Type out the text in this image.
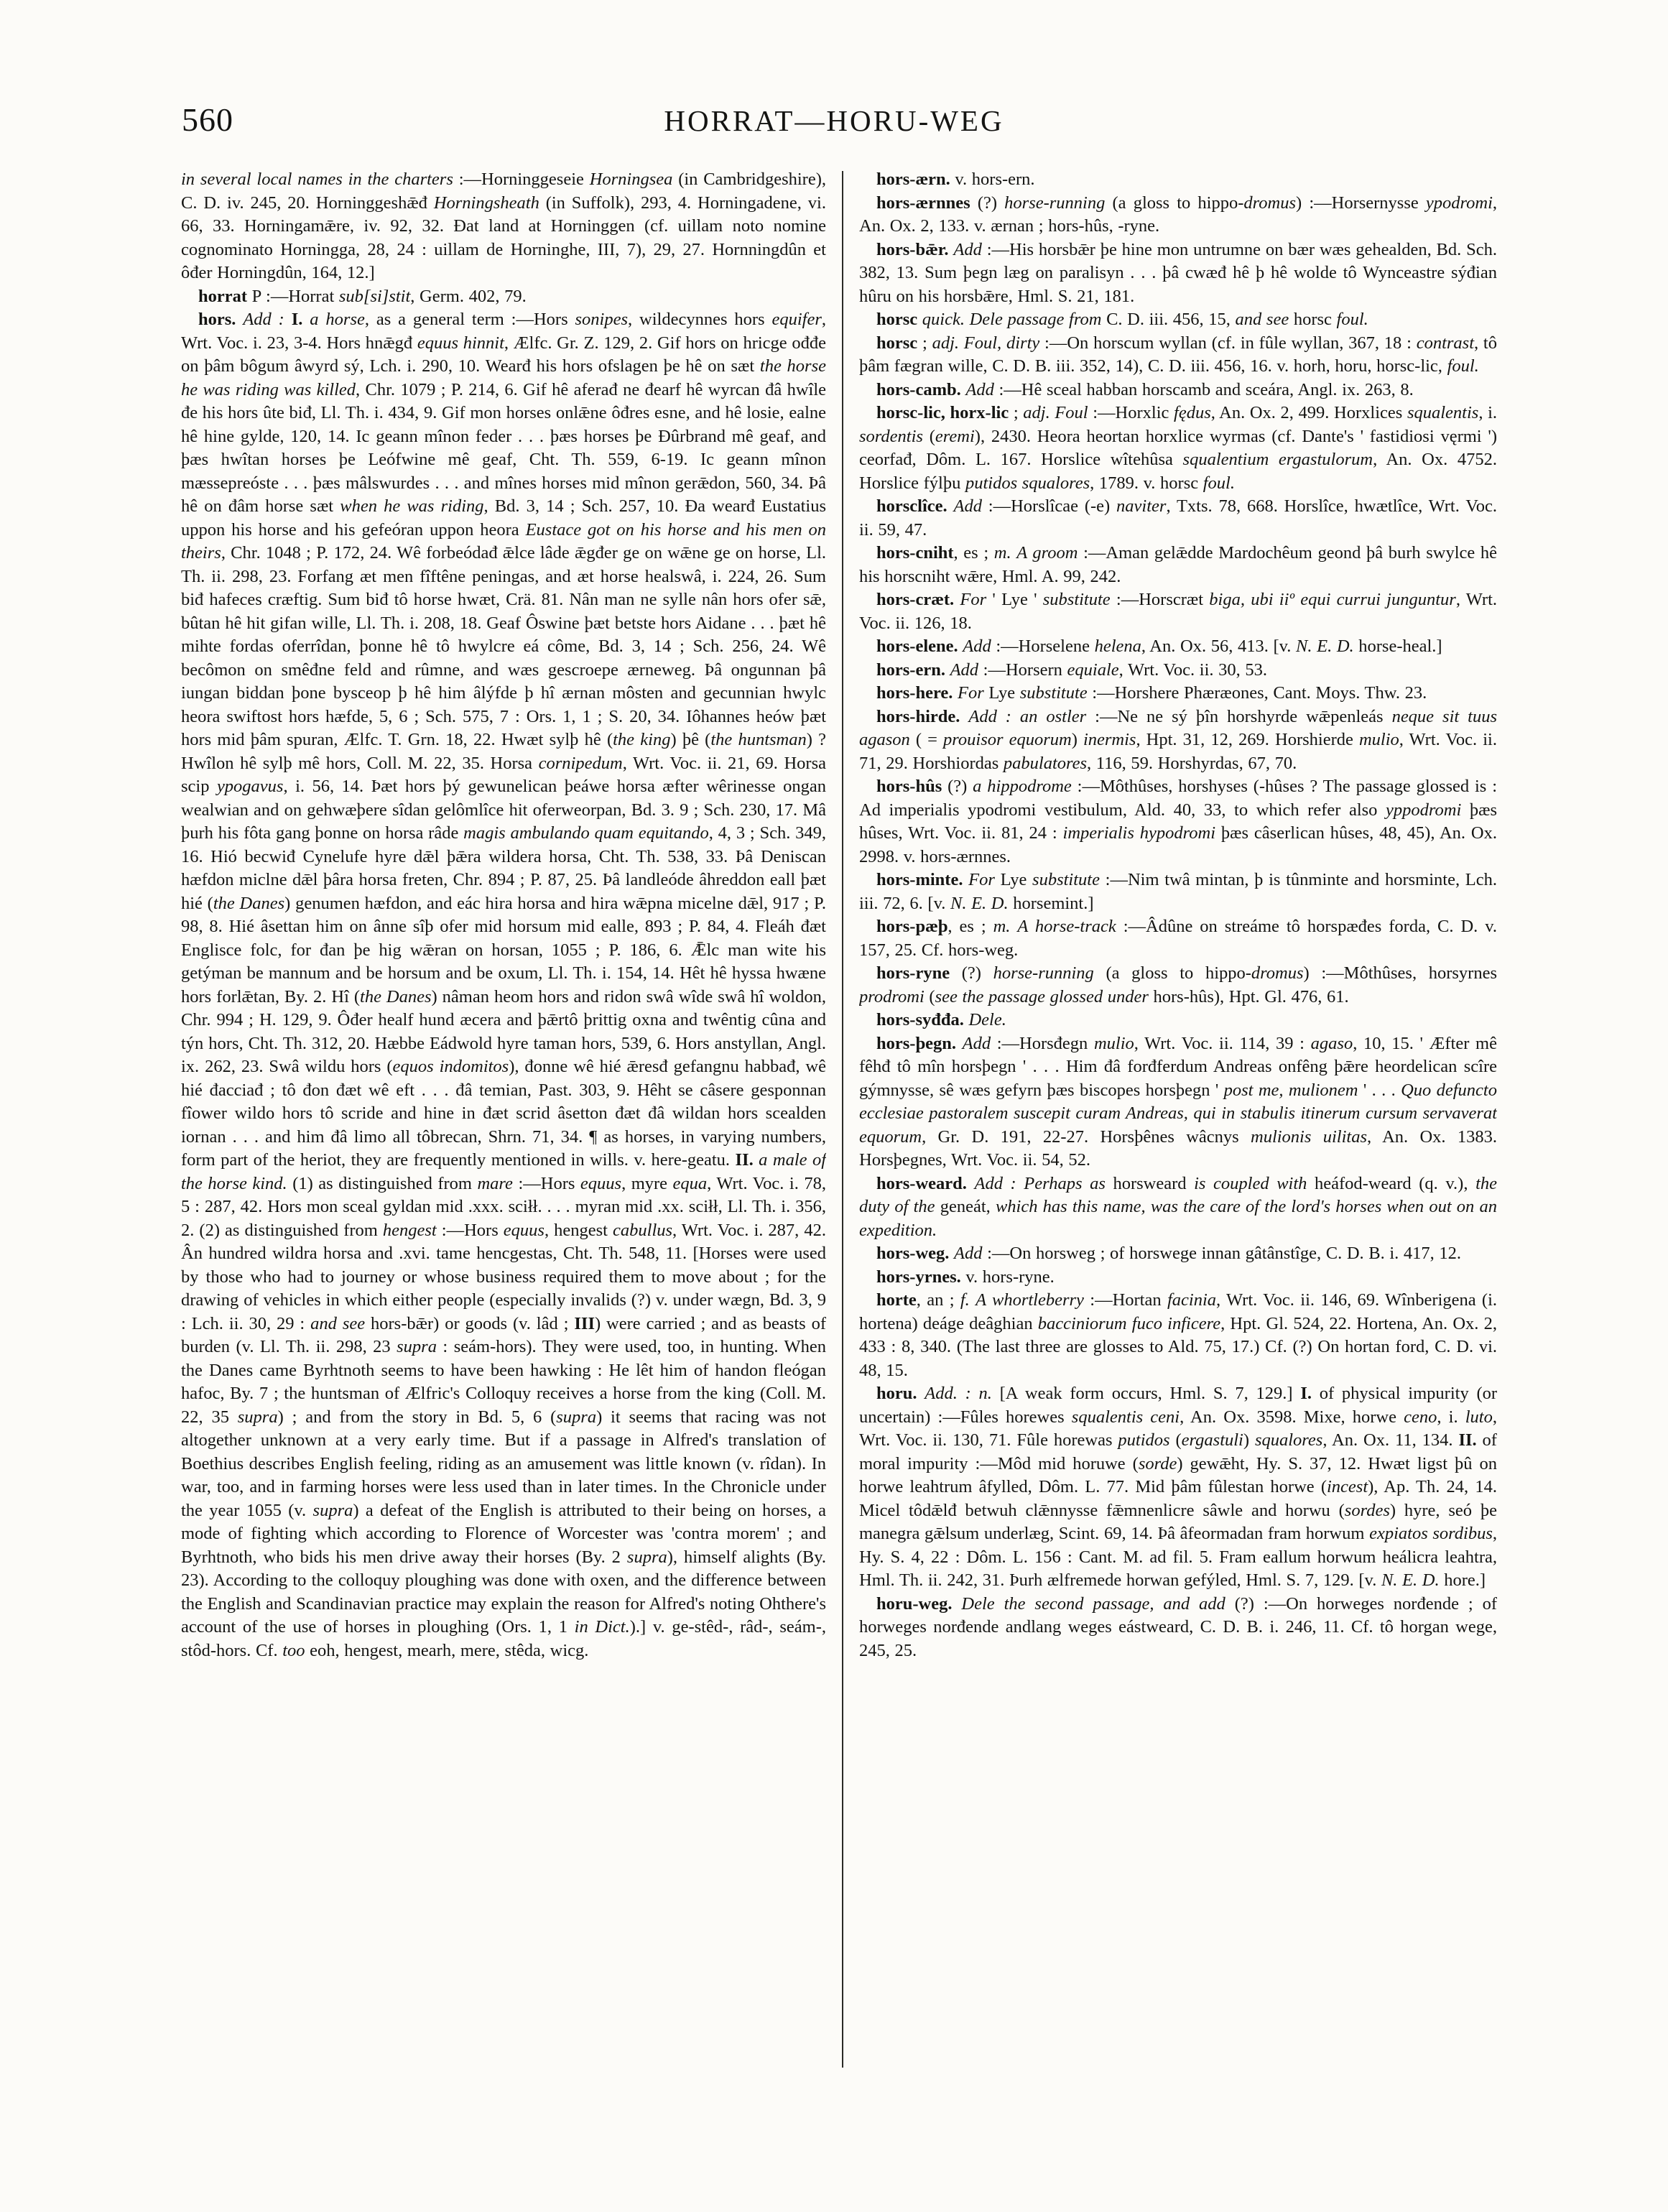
560	HORRAT—HORU-WEG

in several local names in the charters :—Horninggeseie Horningsea (in Cambridgeshire), C. D. iv. 245, 20. Horninggeshǣđ Horningsheath (in Suffolk), 293, 4. Horningadene, vi. 66, 33. Horningamǣre, iv. 92, 32. Đat land at Horninggen (cf. uillam noto nomine cognominato Horningga, 28, 24 : uillam de Horninghe, III, 7), 29, 27. Hornningdûn et ôđer Horningdûn, 164, 12.]

horrat P :—Horrat sub[si]stit, Germ. 402, 79.

hors. Add : I. a horse, as a general term :—Hors sonipes, wildecynnes hors equifer, Wrt. Voc. i. 23, 3-4. Hors hnǣgđ equus hinnit, Ælfc. Gr. Z. 129, 2. Gif hors on hricge ođđe on þâm bôgum âwyrd sý, Lch. i. 290, 10. Wearđ his hors ofslagen þe hê on sæt the horse he was riding was killed, Chr. 1079 ; P. 214, 6. Gif hê aferađ ne đearf hê wyrcan đâ hwîle đe his hors ûte biđ, Ll. Th. i. 434, 9. Gif mon horses onlǣne ôđres esne, and hê losie, ealne hê hine gylde, 120, 14. Ic geann mînon feder . . . þæs horses þe Đûrbrand mê geaf, and þæs hwîtan horses þe Leófwine mê geaf, Cht. Th. 559, 6-19. Ic geann mînon mæssepreóste . . . þæs mâlswurdes . . . and mînes horses mid mînon gerǣdon, 560, 34. Þâ hê on đâm horse sæt when he was riding, Bd. 3, 14 ; Sch. 257, 10. Đa wearđ Eustatius uppon his horse and his gefeóran uppon heora Eustace got on his horse and his men on theirs, Chr. 1048 ; P. 172, 24. Wê forbeódađ ǣlce lâde ǣgđer ge on wǣne ge on horse, Ll. Th. ii. 298, 23. Forfang æt men fîftêne peningas, and æt horse healswâ, i. 224, 26. Sum biđ hafeces cræftig. Sum biđ tô horse hwæt, Crä. 81. Nân man ne sylle nân hors ofer sǣ, bûtan hê hit gifan wille, Ll. Th. i. 208, 18. Geaf Ôswine þæt betste hors Aidane . . . þæt hê mihte fordas oferrîdan, þonne hê tô hwylcre eá côme, Bd. 3, 14 ; Sch. 256, 24. Wê becômon on smêđne feld and rûmne, and wæs gescroepe ærneweg. Þâ ongunnan þâ iungan biddan þone bysceop þ hê him âlýfde þ hî ærnan môsten and gecunnian hwylc heora swiftost hors hæfde, 5, 6 ; Sch. 575, 7 : Ors. 1, 1 ; S. 20, 34. Iôhannes heów þæt hors mid þâm spuran, Ælfc. T. Grn. 18, 22. Hwæt sylþ hê (the king) þê (the huntsman) ? Hwîlon hê sylþ mê hors, Coll. M. 22, 35. Horsa cornipedum, Wrt. Voc. ii. 21, 69. Horsa scip ypogavus, i. 56, 14. Þæt hors þý gewunelican þeáwe horsa æfter wêrinesse ongan wealwian and on gehwæþere sîdan gelômlîce hit oferweorpan, Bd. 3. 9 ; Sch. 230, 17. Mâ þurh his fôta gang þonne on horsa râde magis ambulando quam equitando, 4, 3 ; Sch. 349, 16. Hió becwiđ Cynelufe hyre dǣl þǣra wildera horsa, Cht. Th. 538, 33. Þâ Deniscan hæfdon miclne dǣl þâra horsa freten, Chr. 894 ; P. 87, 25. Þâ landleóde âhreddon eall þæt hié (the Danes) genumen hæfdon, and eác hira horsa and hira wǣpna micelne dǣl, 917 ; P. 98, 8. Hié âsettan him on ânne sîþ ofer mid horsum mid ealle, 893 ; P. 84, 4. Fleáh đæt Englisce folc, for đan þe hig wǣran on horsan, 1055 ; P. 186, 6. Ǣlc man wite his getýman be mannum and be horsum and be oxum, Ll. Th. i. 154, 14. Hêt hê hyssa hwæne hors forlǣtan, By. 2. Hî (the Danes) nâman heom hors and ridon swâ wîde swâ hî woldon, Chr. 994 ; H. 129, 9. Ôđer healf hund æcera and þǣrtô þrittig oxna and twêntig cûna and týn hors, Cht. Th. 312, 20. Hæbbe Eádwold hyre taman hors, 539, 6. Hors anstyllan, Angl. ix. 262, 23. Swâ wildu hors (equos indomitos), đonne wê hié ǣresđ gefangnu habbađ, wê hié đacciađ ; tô đon đæt wê eft . . . đâ temian, Past. 303, 9. Hêht se câsere gesponnan fîower wildo hors tô scride and hine in đæt scrid âsetton đæt đâ wildan hors scealden iornan . . . and him đâ limo all tôbrecan, Shrn. 71, 34. ¶ as horses, in varying numbers, form part of the heriot, they are frequently mentioned in wills. v. here-geatu. II. a male of the horse kind. (1) as distinguished from mare :—Hors equus, myre equa, Wrt. Voc. i. 78, 5 : 287, 42. Hors mon sceal gyldan mid .xxx. sciłł. . . . myran mid .xx. sciłł, Ll. Th. i. 356, 2. (2) as distinguished from hengest :—Hors equus, hengest cabullus, Wrt. Voc. i. 287, 42. Ân hundred wildra horsa and .xvi. tame hencgestas, Cht. Th. 548, 11. [Horses were used by those who had to journey or whose business required them to move about ; for the drawing of vehicles in which either people (especially invalids (?) v. under wægn, Bd. 3, 9 : Lch. ii. 30, 29 : and see hors-bǣr) or goods (v. lâd ; III) were carried ; and as beasts of burden (v. Ll. Th. ii. 298, 23 supra : seám-hors). They were used, too, in hunting. When the Danes came Byrhtnoth seems to have been hawking : He lêt him of handon fleógan hafoc, By. 7 ; the huntsman of Ælfric's Colloquy receives a horse from the king (Coll. M. 22, 35 supra) ; and from the story in Bd. 5, 6 (supra) it seems that racing was not altogether unknown at a very early time. But if a passage in Alfred's translation of Boethius describes English feeling, riding as an amusement was little known (v. rîdan). In war, too, and in farming horses were less used than in later times. In the Chronicle under the year 1055 (v. supra) a defeat of the English is attributed to their being on horses, a mode of fighting which according to Florence of Worcester was 'contra morem' ; and Byrhtnoth, who bids his men drive away their horses (By. 2 supra), himself alights (By. 23). According to the colloquy ploughing was done with oxen, and the difference between the English and Scandinavian practice may explain the reason for Alfred's noting Ohthere's account of the use of horses in ploughing (Ors. 1, 1 in Dict.).] v. ge-stêd-, râd-, seám-, stôd-hors. Cf. too eoh, hengest, mearh, mere, stêda, wicg.

hors-ærn. v. hors-ern.

hors-ærnnes (?) horse-running (a gloss to hippo-dromus) :—Horsernysse ypodromi, An. Ox. 2, 133. v. ærnan ; hors-hûs, -ryne.

hors-bǣr. Add :—His horsbǣr þe hine mon untrumne on bær wæs gehealden, Bd. Sch. 382, 13. Sum þegn læg on paralisyn . . . þâ cwæđ hê þ hê wolde tô Wynceastre sýđian hûru on his horsbǣre, Hml. S. 21, 181.

horsc quick. Dele passage from C. D. iii. 456, 15, and see horsc foul.

horsc ; adj. Foul, dirty :—On horscum wyllan (cf. in fûle wyllan, 367, 18 : contrast, tô þâm fægran wille, C. D. B. iii. 352, 14), C. D. iii. 456, 16. v. horh, horu, horsc-lic, foul.

hors-camb. Add :—Hê sceal habban horscamb and sceára, Angl. ix. 263, 8.

horsc-lic, horx-lic ; adj. Foul :—Horxlic fędus, An. Ox. 2, 499. Horxlices squalentis, i. sordentis (eremi), 2430. Heora heortan horxlice wyrmas (cf. Dante's ' fastidiosi vęrmi ') ceorfađ, Dôm. L. 167. Horslice wîtehûsa squalentium ergastulorum, An. Ox. 4752. Horslice fýlþu putidos squalores, 1789. v. horsc foul.

horsclîce. Add :—Horslîcae (-e) naviter, Txts. 78, 668. Horslîce, hwætlîce, Wrt. Voc. ii. 59, 47.

hors-cniht, es ; m. A groom :—Aman gelǣdde Mardochêum geond þâ burh swylce hê his horscniht wǣre, Hml. A. 99, 242.

hors-cræt. For ' Lye ' substitute :—Horscræt biga, ubi iiº equi currui junguntur, Wrt. Voc. ii. 126, 18.

hors-elene. Add :—Horselene helena, An. Ox. 56, 413. [v. N. E. D. horse-heal.]

hors-ern. Add :—Horsern equiale, Wrt. Voc. ii. 30, 53.

hors-here. For Lye substitute :—Horshere Phæræones, Cant. Moys. Thw. 23.

hors-hirde. Add : an ostler :—Ne ne sý þîn horshyrde wǣpenleás neque sit tuus agason ( = prouisor equorum) inermis, Hpt. 31, 12, 269. Horshierde mulio, Wrt. Voc. ii. 71, 29. Horshiordas pabulatores, 116, 59. Horshyrdas, 67, 70.

hors-hûs (?) a hippodrome :—Môthûses, horshyses (-hûses ? The passage glossed is : Ad imperialis ypodromi vestibulum, Ald. 40, 33, to which refer also yppodromi þæs hûses, Wrt. Voc. ii. 81, 24 : imperialis hypodromi þæs câserlican hûses, 48, 45), An. Ox. 2998. v. hors-ærnnes.

hors-minte. For Lye substitute :—Nim twâ mintan, þ is tûnminte and horsminte, Lch. iii. 72, 6. [v. N. E. D. horsemint.]

hors-pæþ, es ; m. A horse-track :—Âdûne on streáme tô horspæđes forda, C. D. v. 157, 25. Cf. hors-weg.

hors-ryne (?) horse-running (a gloss to hippo-dromus) :—Môthûses, horsyrnes prodromi (see the passage glossed under hors-hûs), Hpt. Gl. 476, 61.

hors-syđđa. Dele.

hors-þegn. Add :—Horsđegn mulio, Wrt. Voc. ii. 114, 39 : agaso, 10, 15. ' Æfter mê fêhđ tô mîn horsþegn ' . . . Him đâ forđferdum Andreas onfêng þǣre heordelican scîre gýmnysse, sê wæs gefyrn þæs biscopes horsþegn ' post me, mulionem ' . . . Quo defuncto ecclesiae pastoralem suscepit curam Andreas, qui in stabulis itinerum cursum servaverat equorum, Gr. D. 191, 22-27. Horsþênes wâcnys mulionis uilitas, An. Ox. 1383. Horsþegnes, Wrt. Voc. ii. 54, 52.

hors-weard. Add : Perhaps as horsweard is coupled with heáfod-weard (q. v.), the duty of the geneát, which has this name, was the care of the lord's horses when out on an expedition.

hors-weg. Add :—On horsweg ; of horswege innan gâtânstîge, C. D. B. i. 417, 12.

hors-yrnes. v. hors-ryne.

horte, an ; f. A whortleberry :—Hortan facinia, Wrt. Voc. ii. 146, 69. Wînberigena (i. hortena) deáge deâghian bacciniorum fuco inficere, Hpt. Gl. 524, 22. Hortena, An. Ox. 2, 433 : 8, 340. (The last three are glosses to Ald. 75, 17.) Cf. (?) On hortan ford, C. D. vi. 48, 15.

horu. Add. : n. [A weak form occurs, Hml. S. 7, 129.] I. of physical impurity (or uncertain) :—Fûles horewes squalentis ceni, An. Ox. 3598. Mixe, horwe ceno, i. luto, Wrt. Voc. ii. 130, 71. Fûle horewas putidos (ergastuli) squalores, An. Ox. 11, 134. II. of moral impurity :—Môd mid horuwe (sorde) gewǣht, Hy. S. 37, 12. Hwæt ligst þû on horwe leahtrum âfylled, Dôm. L. 77. Mid þâm fûlestan horwe (incest), Ap. Th. 24, 14. Micel tôdǣlđ betwuh clǣnnysse fǣmnenlicre sâwle and horwu (sordes) hyre, seó þe manegra gǣlsum underlæg, Scint. 69, 14. Þâ âfeormadan fram horwum expiatos sordibus, Hy. S. 4, 22 : Dôm. L. 156 : Cant. M. ad fil. 5. Fram eallum horwum heálicra leahtra, Hml. Th. ii. 242, 31. Þurh ælfremede horwan gefýled, Hml. S. 7, 129. [v. N. E. D. hore.]

horu-weg. Dele the second passage, and add (?) :—On horweges norđende ; of horweges norđende andlang weges eástweard, C. D. B. i. 246, 11. Cf. tô horgan wege, 245, 25.
